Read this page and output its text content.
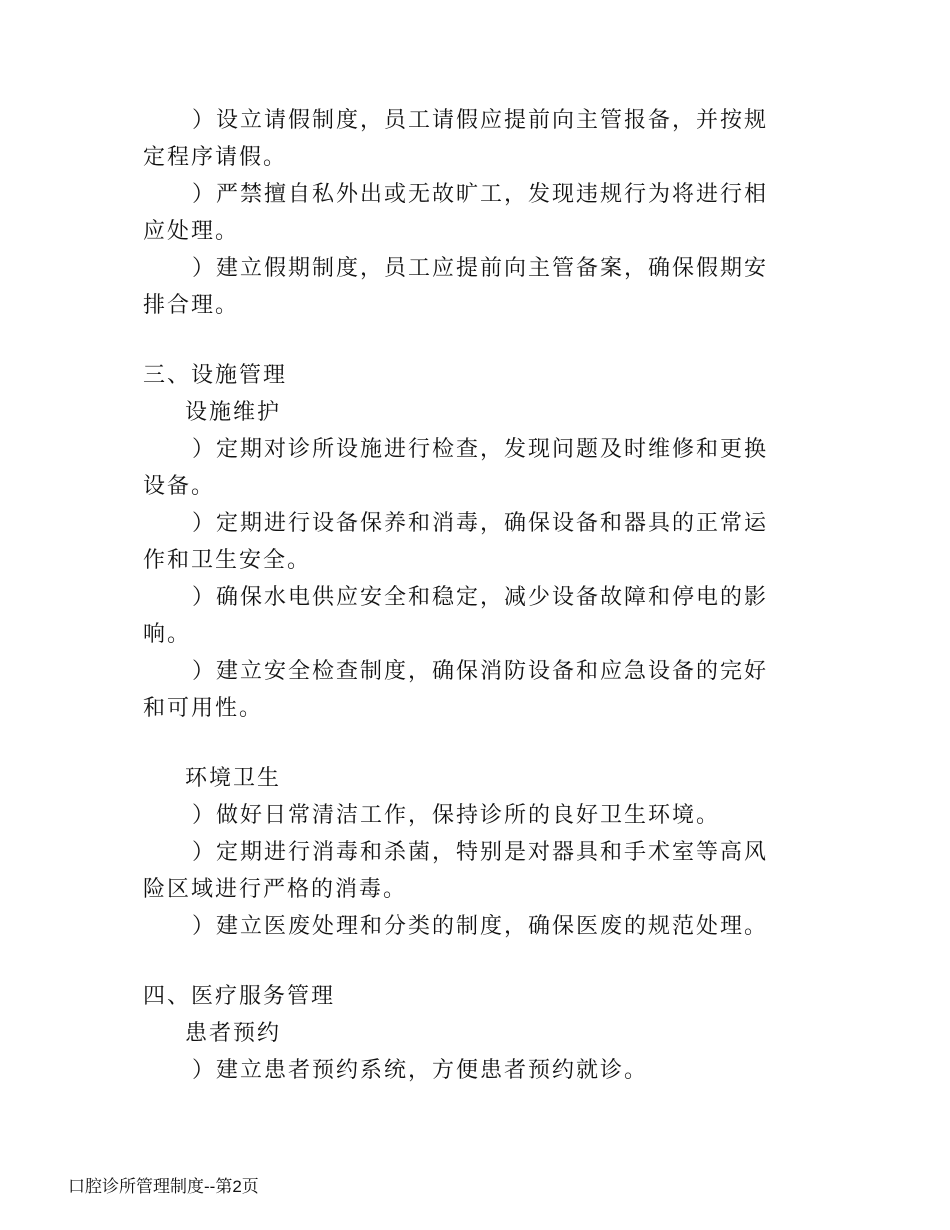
）设立请假制度，员工请假应提前向主管报备，并按规
定程序请假。
）严禁擅自私外出或无故旷工，发现违规行为将进行相
应处理。
）建立假期制度，员工应提前向主管备案，确保假期安
排合理。
三、设施管理
设施维护
）定期对诊所设施进行检查，发现问题及时维修和更换
设备。
）定期进行设备保养和消毒，确保设备和器具的正常运
作和卫生安全。
）确保水电供应安全和稳定，减少设备故障和停电的影
响。
）建立安全检查制度，确保消防设备和应急设备的完好
和可用性。
环境卫生
）做好日常清洁工作，保持诊所的良好卫生环境。
）定期进行消毒和杀菌，特别是对器具和手术室等高风
险区域进行严格的消毒。
）建立医废处理和分类的制度，确保医废的规范处理。
四、医疗服务管理
患者预约
）建立患者预约系统，方便患者预约就诊。
口腔诊所管理制度--第2页
